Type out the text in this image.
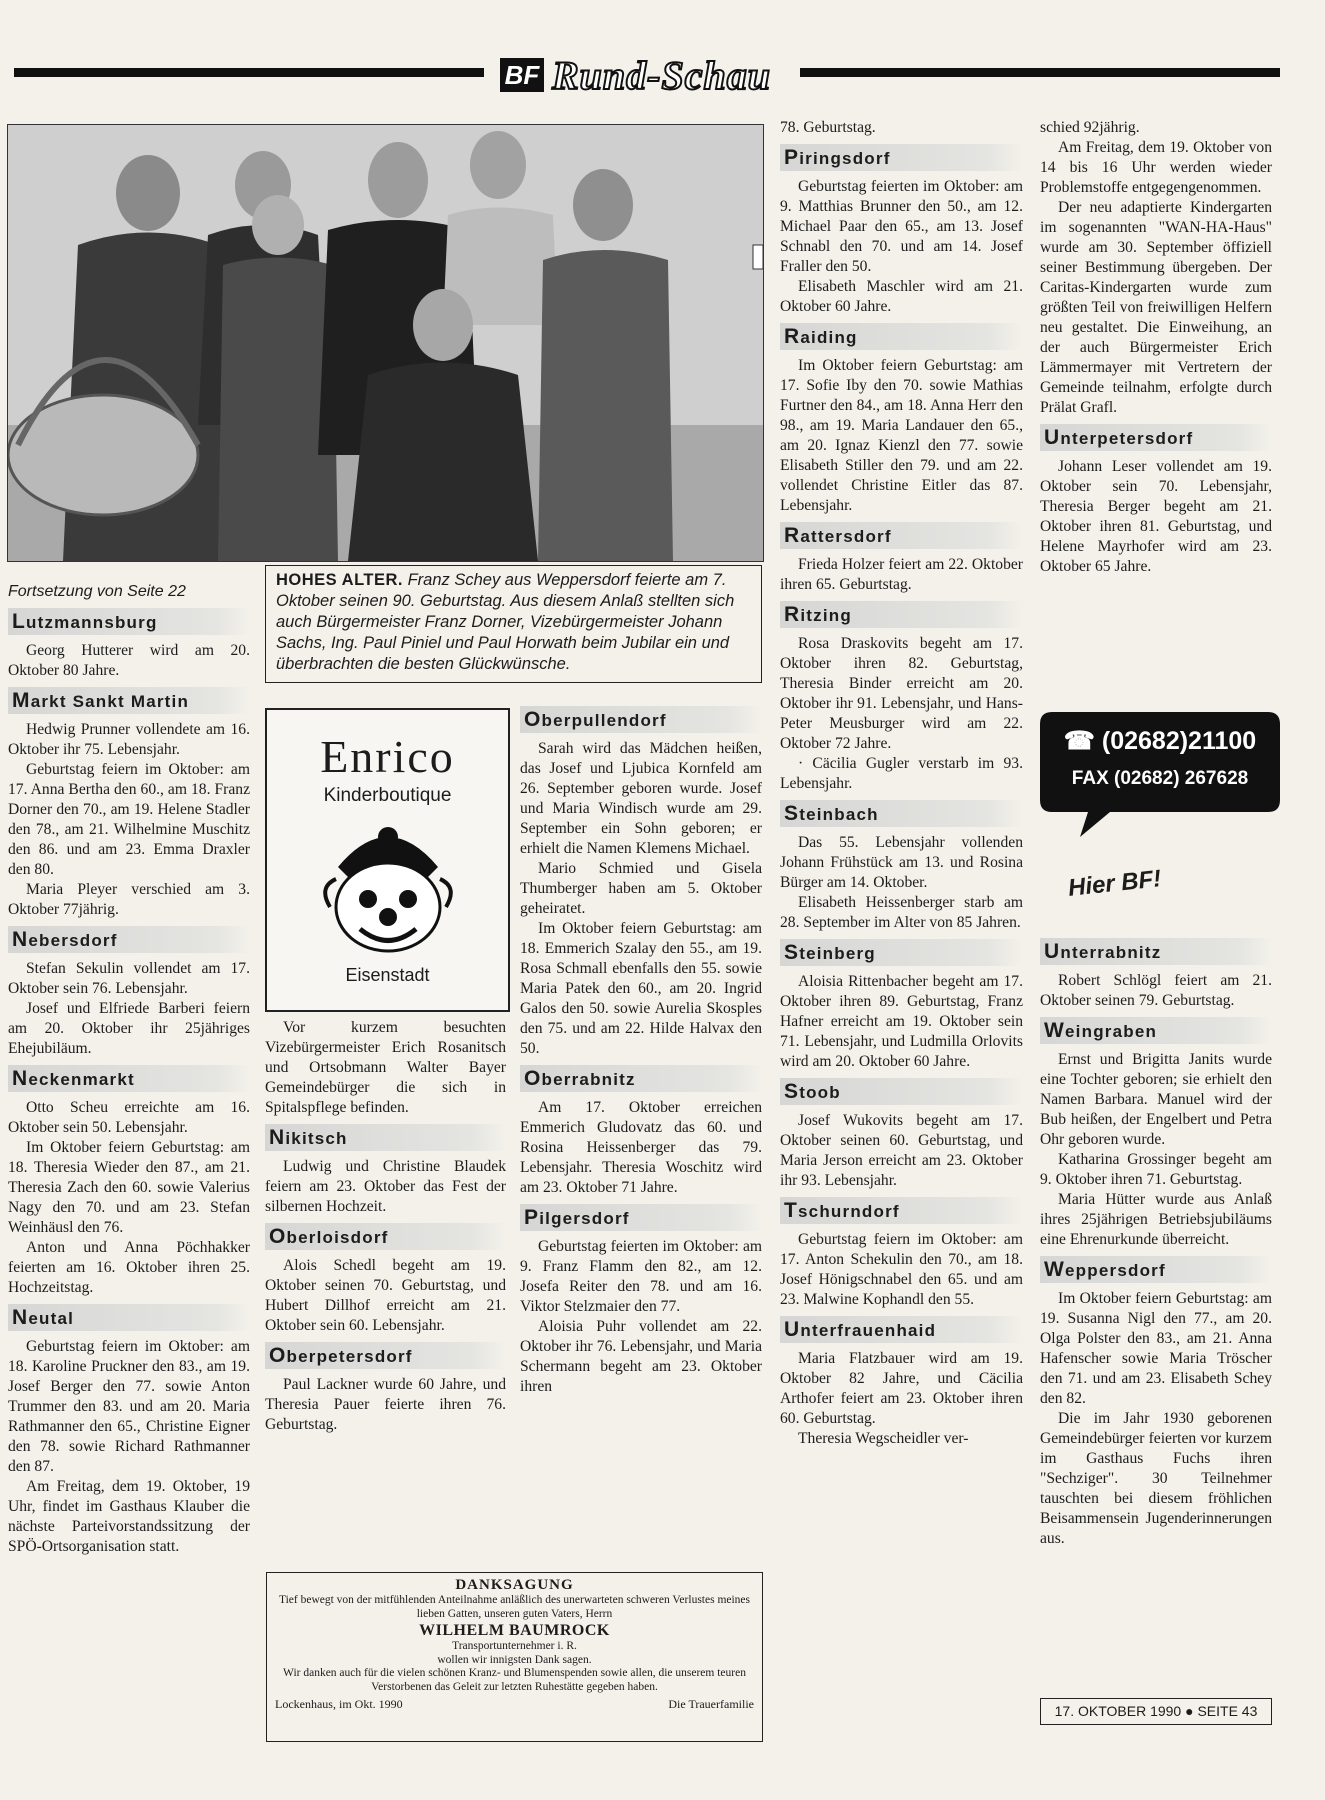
BF Rund-Schau
HOHES ALTER. Franz Schey aus Weppersdorf feierte am 7. Oktober seinen 90. Geburtstag. Aus diesem Anlaß stellten sich auch Bürgermeister Franz Dorner, Vizebürgermeister Johann Sachs, Ing. Paul Piniel und Paul Horwath beim Jubilar ein und überbrachten die besten Glückwünsche.
Fortsetzung von Seite 22
Lutzmannsburg

Georg Hutterer wird am 20. Oktober 80 Jahre.

Markt Sankt Martin

Hedwig Prunner vollendete am 16. Oktober ihr 75. Lebensjahr.

Geburtstag feiern im Oktober: am 17. Anna Bertha den 60., am 18. Franz Dorner den 70., am 19. Helene Stadler den 78., am 21. Wilhelmine Muschitz den 86. und am 23. Emma Draxler den 80.

Maria Pleyer verschied am 3. Oktober 77jährig.

Nebersdorf

Stefan Sekulin vollendet am 17. Oktober sein 76. Lebensjahr.

Josef und Elfriede Barberi feiern am 20. Oktober ihr 25jähriges Ehejubiläum.

Neckenmarkt

Otto Scheu erreichte am 16. Oktober sein 50. Lebensjahr.

Im Oktober feiern Geburtstag: am 18. Theresia Wieder den 87., am 21. Theresia Zach den 60. sowie Valerius Nagy den 70. und am 23. Stefan Weinhäusl den 76.

Anton und Anna Pöchhakker feierten am 16. Oktober ihren 25. Hochzeitstag.

Neutal

Geburtstag feiern im Oktober: am 18. Karoline Pruckner den 83., am 19. Josef Berger den 77. sowie Anton Trummer den 83. und am 20. Maria Rathmanner den 65., Christine Eigner den 78. sowie Richard Rathmanner den 87.

Am Freitag, dem 19. Oktober, 19 Uhr, findet im Gasthaus Klauber die nächste Parteivorstandssitzung der SPÖ-Ortsorganisation statt.

Enrico
Kinderboutique
Eisenstadt

Vor kurzem besuchten Vizebürgermeister Erich Rosanitsch und Ortsobmann Walter Bayer Gemeindebürger die sich in Spitalspflege befinden.

Nikitsch

Ludwig und Christine Blaudek feiern am 23. Oktober das Fest der silbernen Hochzeit.

Oberloisdorf

Alois Schedl begeht am 19. Oktober seinen 70. Geburtstag, und Hubert Dillhof erreicht am 21. Oktober sein 60. Lebensjahr.

Oberpetersdorf

Paul Lackner wurde 60 Jahre, und Theresia Pauer feierte ihren 76. Geburtstag.

Oberpullendorf

Sarah wird das Mädchen heißen, das Josef und Ljubica Kornfeld am 26. September geboren wurde. Josef und Maria Windisch wurde am 29. September ein Sohn geboren; er erhielt die Namen Klemens Michael.

Mario Schmied und Gisela Thumberger haben am 5. Oktober geheiratet.

Im Oktober feiern Geburtstag: am 18. Emmerich Szalay den 55., am 19. Rosa Schmall ebenfalls den 55. sowie Maria Patek den 60., am 20. Ingrid Galos den 50. sowie Aurelia Skosples den 75. und am 22. Hilde Halvax den 50.

Oberrabnitz

Am 17. Oktober erreichen Emmerich Gludovatz das 60. und Rosina Heissenberger das 79. Lebensjahr. Theresia Woschitz wird am 23. Oktober 71 Jahre.

Pilgersdorf

Geburtstag feierten im Oktober: am 9. Franz Flamm den 82., am 12. Josefa Reiter den 78. und am 16. Viktor Stelzmaier den 77.

Aloisia Puhr vollendet am 22. Oktober ihr 76. Lebensjahr, und Maria Schermann begeht am 23. Oktober ihren

DANKSAGUNG
Tief bewegt von der mitfühlenden Anteilnahme anläßlich des unerwarteten schweren Verlustes meines lieben Gatten, unseren guten Vaters, Herrn
WILHELM BAUMROCK
Transportunternehmer i. R.
wollen wir innigsten Dank sagen.
Wir danken auch für die vielen schönen Kranz- und Blumenspenden sowie allen, die unserem teuren Verstorbenen das Geleit zur letzten Ruhestätte gegeben haben.
Lockenhaus, im Okt. 1990	Die Trauerfamilie

78. Geburtstag.

Piringsdorf

Geburtstag feierten im Oktober: am 9. Matthias Brunner den 50., am 12. Michael Paar den 65., am 13. Josef Schnabl den 70. und am 14. Josef Fraller den 50.

Elisabeth Maschler wird am 21. Oktober 60 Jahre.

Raiding

Im Oktober feiern Geburtstag: am 17. Sofie Iby den 70. sowie Mathias Furtner den 84., am 18. Anna Herr den 98., am 19. Maria Landauer den 65., am 20. Ignaz Kienzl den 77. sowie Elisabeth Stiller den 79. und am 22. vollendet Christine Eitler das 87. Lebensjahr.

Rattersdorf

Frieda Holzer feiert am 22. Oktober ihren 65. Geburtstag.

Ritzing

Rosa Draskovits begeht am 17. Oktober ihren 82. Geburtstag, Theresia Binder erreicht am 20. Oktober ihr 91. Lebensjahr, und Hans-Peter Meusburger wird am 22. Oktober 72 Jahre.

· Cäcilia Gugler verstarb im 93. Lebensjahr.

Steinbach

Das 55. Lebensjahr vollenden Johann Frühstück am 13. und Rosina Bürger am 14. Oktober.

Elisabeth Heissenberger starb am 28. September im Alter von 85 Jahren.

Steinberg

Aloisia Rittenbacher begeht am 17. Oktober ihren 89. Geburtstag, Franz Hafner erreicht am 19. Oktober sein 71. Lebensjahr, und Ludmilla Orlovits wird am 20. Oktober 60 Jahre.

Stoob

Josef Wukovits begeht am 17. Oktober seinen 60. Geburtstag, und Maria Jerson erreicht am 23. Oktober ihr 93. Lebensjahr.

Tschurndorf

Geburtstag feiern im Oktober: am 17. Anton Schekulin den 70., am 18. Josef Hönigschnabel den 65. und am 23. Malwine Kophandl den 55.

Unterfrauenhaid

Maria Flatzbauer wird am 19. Oktober 82 Jahre, und Cäcilia Arthofer feiert am 23. Oktober ihren 60. Geburtstag.

Theresia Wegscheidler ver-

schied 92jährig.

Am Freitag, dem 19. Oktober von 14 bis 16 Uhr werden wieder Problemstoffe entgegengenommen.

Der neu adaptierte Kindergarten im sogenannten "WAN-HA-Haus" wurde am 30. September öffiziell seiner Bestimmung übergeben. Der Caritas-Kindergarten wurde zum größten Teil von freiwilligen Helfern neu gestaltet. Die Einweihung, an der auch Bürgermeister Erich Lämmermayer mit Vertretern der Gemeinde teilnahm, erfolgte durch Prälat Grafl.

Unterpetersdorf

Johann Leser vollendet am 19. Oktober sein 70. Lebensjahr, Theresia Berger begeht am 21. Oktober ihren 81. Geburtstag, und Helene Mayrhofer wird am 23. Oktober 65 Jahre.

☎ (02682)21100
FAX (02682) 267628
Hier BF!
Unterrabnitz

Robert Schlögl feiert am 21. Oktober seinen 79. Geburtstag.

Weingraben

Ernst und Brigitta Janits wurde eine Tochter geboren; sie erhielt den Namen Barbara. Manuel wird der Bub heißen, der Engelbert und Petra Ohr geboren wurde.

Katharina Grossinger begeht am 9. Oktober ihren 71. Geburtstag.

Maria Hütter wurde aus Anlaß ihres 25jährigen Betriebsjubiläums eine Ehrenurkunde überreicht.

Weppersdorf

Im Oktober feiern Geburtstag: am 19. Susanna Nigl den 77., am 20. Olga Polster den 83., am 21. Anna Hafenscher sowie Maria Tröscher den 71. und am 23. Elisabeth Schey den 82.

Die im Jahr 1930 geborenen Gemeindebürger feierten vor kurzem im Gasthaus Fuchs ihren "Sechziger". 30 Teilnehmer tauschten bei diesem fröhlichen Beisammensein Jugenderinnerungen aus.

17. OKTOBER 1990 ● SEITE 43
